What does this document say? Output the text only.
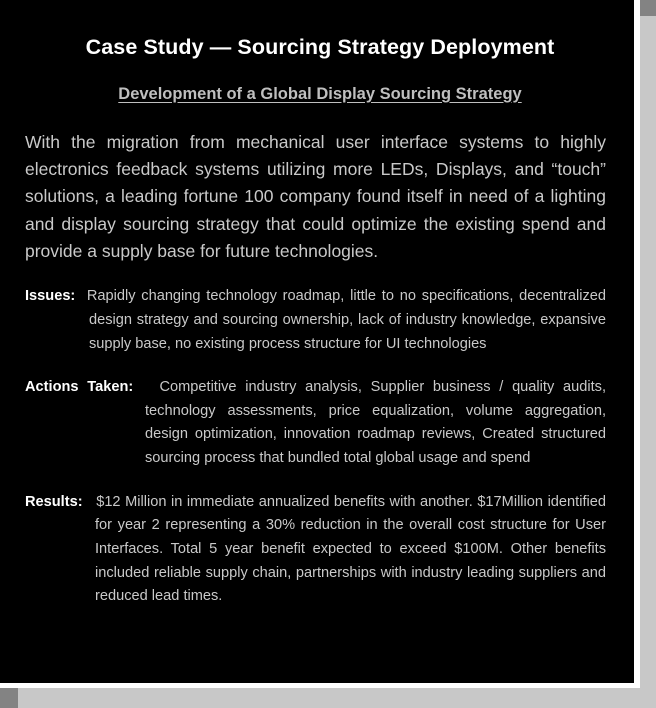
Case Study — Sourcing Strategy Deployment
Development of a Global Display Sourcing Strategy

With the migration from mechanical user interface systems to highly electronics feedback systems utilizing more LEDs, Displays, and “touch” solutions, a leading fortune 100 company found itself in need of a lighting and display sourcing strategy that could optimize the existing spend and provide a supply base for future technologies.

Issues: Rapidly changing technology roadmap, little to no specifications, decentralized design strategy and sourcing ownership, lack of industry knowledge, expansive supply base, no existing process structure for UI technologies
Actions Taken: Competitive industry analysis, Supplier business / quality audits, technology assessments, price equalization, volume aggregation, design optimization, innovation roadmap reviews, Created structured sourcing process that bundled total global usage and spend
Results: $12 Million in immediate annualized benefits with another. $17Million identified for year 2 representing a 30% reduction in the overall cost structure for User Interfaces. Total 5 year benefit expected to exceed $100M. Other benefits included reliable supply chain, partnerships with industry leading suppliers and reduced lead times.
